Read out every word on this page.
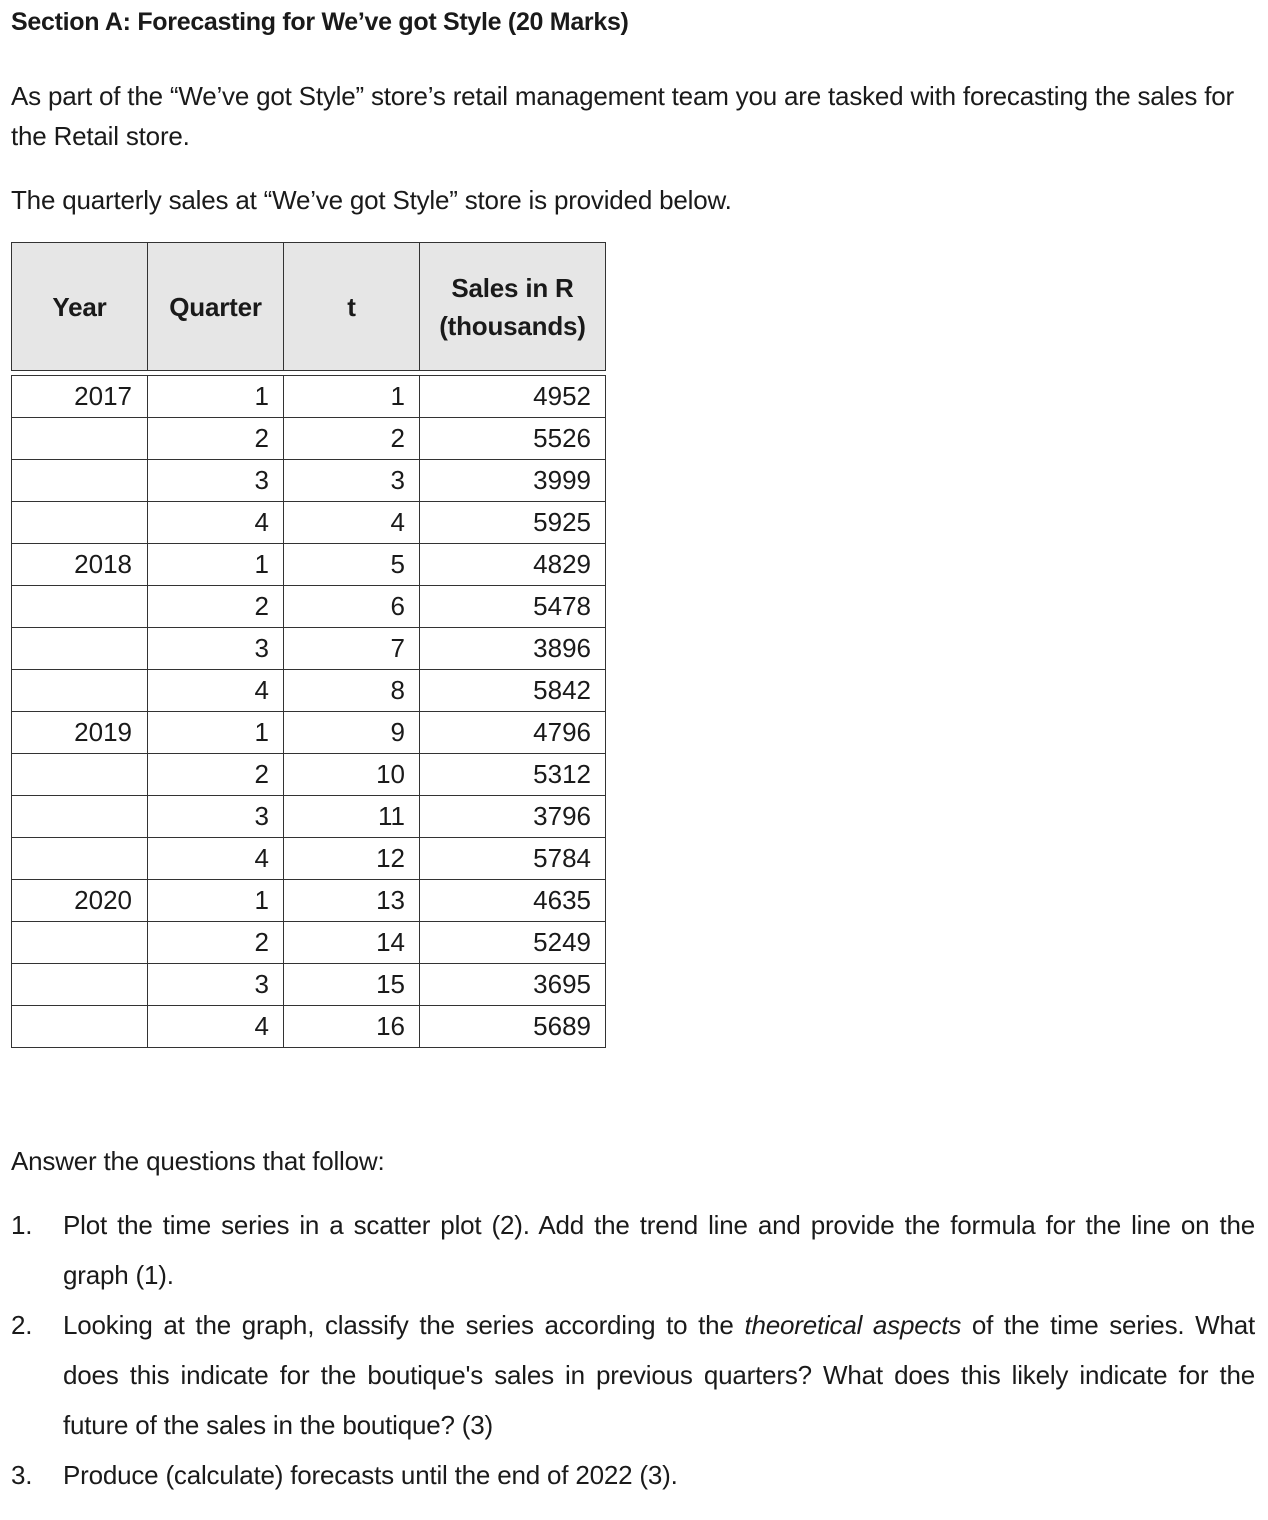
Section A: Forecasting for We’ve got Style (20 Marks)

As part of the “We’ve got Style” store’s retail management team you are tasked with forecasting the sales for the Retail store.

The quarterly sales at “We’ve got Style” store is provided below.

Year	Quarter	t	Sales in R
(thousands)

2017	1	1	4952
	2	2	5526
	3	3	3999
	4	4	5925
2018	1	5	4829
	2	6	5478
	3	7	3896
	4	8	5842
2019	1	9	4796
	2	10	5312
	3	11	3796
	4	12	5784
2020	1	13	4635
	2	14	5249
	3	15	3695
	4	16	5689

Answer the questions that follow:

1. Plot the time series in a scatter plot (2). Add the trend line and provide the formula for the line on the graph (1).
2. Looking at the graph, classify the series according to the theoretical aspects of the time series. What does this indicate for the boutique's sales in previous quarters? What does this likely indicate for the future of the sales in the boutique? (3)
3. Produce (calculate) forecasts until the end of 2022 (3).
